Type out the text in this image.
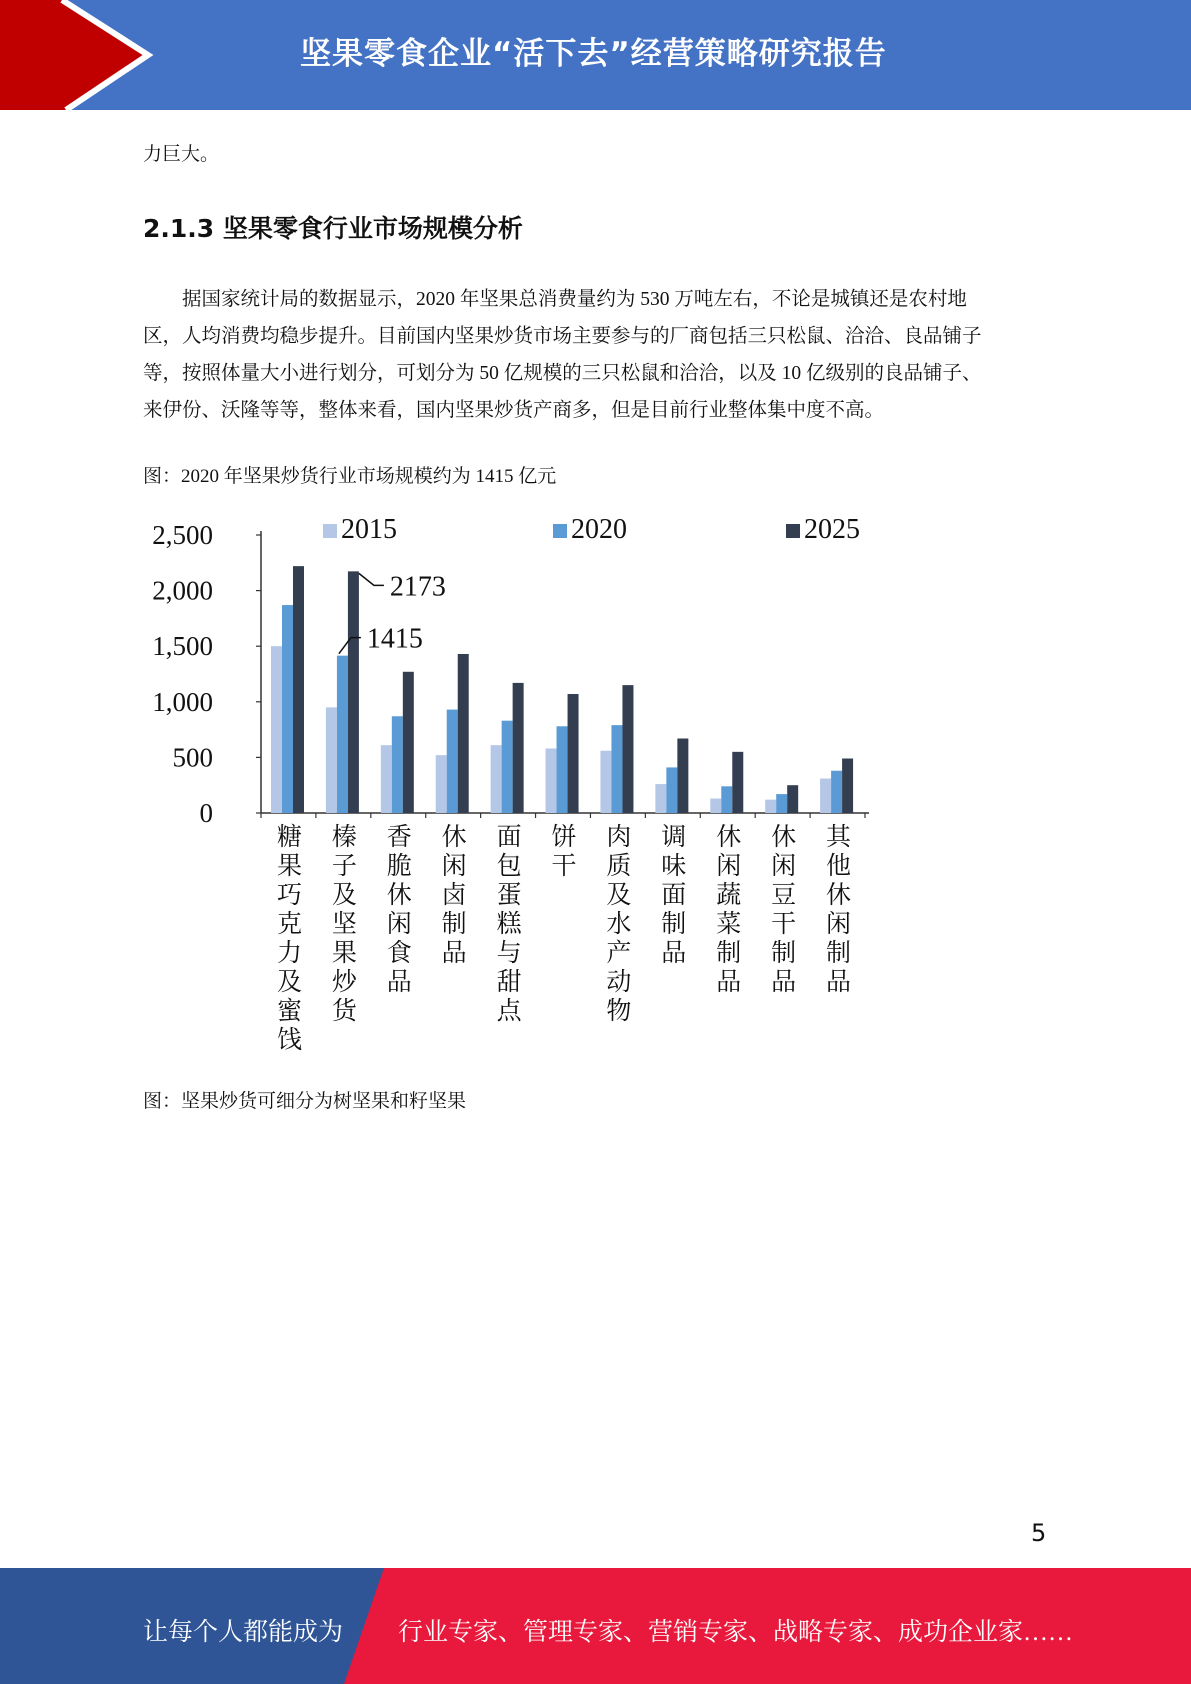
坚果零食企业“活下去”经营策略研究报告
力巨大。
2.1.3 坚果零食行业市场规模分析
　　据国家统计局的数据显示，2020 年坚果总消费量约为 530 万吨左右，不论是城镇还是农村地
区，人均消费均稳步提升。目前国内坚果炒货市场主要参与的厂商包括三只松鼠、洽洽、良品铺子
等，按照体量大小进行划分，可划分为 50 亿规模的三只松鼠和洽洽，以及 10 亿级别的良品铺子、
来伊份、沃隆等等，整体来看，国内坚果炒货产商多，但是目前行业整体集中度不高。
图：2020 年坚果炒货行业市场规模约为 1415 亿元
0
500
1,000
1,500
2,000
2,500
糖果巧克力及蜜饯
榛子及坚果炒货
香脆休闲食品
休闲卤制品
面包蛋糕与甜点
饼干
肉质及水产动物
调味面制品
休闲蔬菜制品
休闲豆干制品
其他休闲制品
2015	2020	2025
2173
1415
图：坚果炒货可细分为树坚果和籽坚果
5
让每个人都能成为 行业专家、管理专家、营销专家、战略专家、成功企业家……
